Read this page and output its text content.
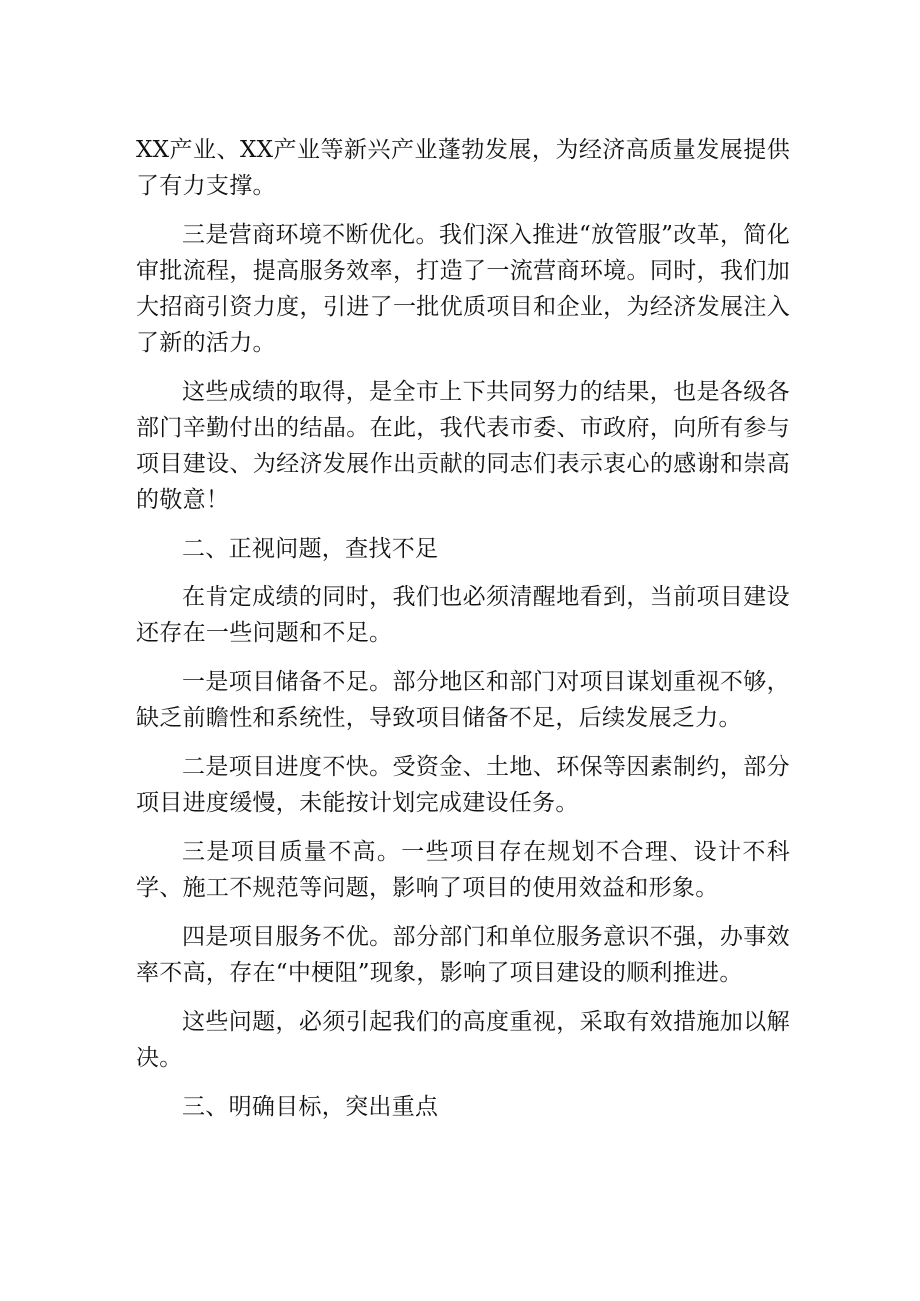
XX产业、XX产业等新兴产业蓬勃发展，为经济高质量发展提供了有力支撑。

三是营商环境不断优化。我们深入推进“放管服”改革，简化审批流程，提高服务效率，打造了一流营商环境。同时，我们加大招商引资力度，引进了一批优质项目和企业，为经济发展注入了新的活力。

这些成绩的取得，是全市上下共同努力的结果，也是各级各部门辛勤付出的结晶。在此，我代表市委、市政府，向所有参与项目建设、为经济发展作出贡献的同志们表示衷心的感谢和崇高的敬意！

二、正视问题，查找不足

在肯定成绩的同时，我们也必须清醒地看到，当前项目建设还存在一些问题和不足。

一是项目储备不足。部分地区和部门对项目谋划重视不够，缺乏前瞻性和系统性，导致项目储备不足，后续发展乏力。

二是项目进度不快。受资金、土地、环保等因素制约，部分项目进度缓慢，未能按计划完成建设任务。

三是项目质量不高。一些项目存在规划不合理、设计不科学、施工不规范等问题，影响了项目的使用效益和形象。

四是项目服务不优。部分部门和单位服务意识不强，办事效率不高，存在“中梗阻”现象，影响了项目建设的顺利推进。

这些问题，必须引起我们的高度重视，采取有效措施加以解决。

三、明确目标，突出重点
